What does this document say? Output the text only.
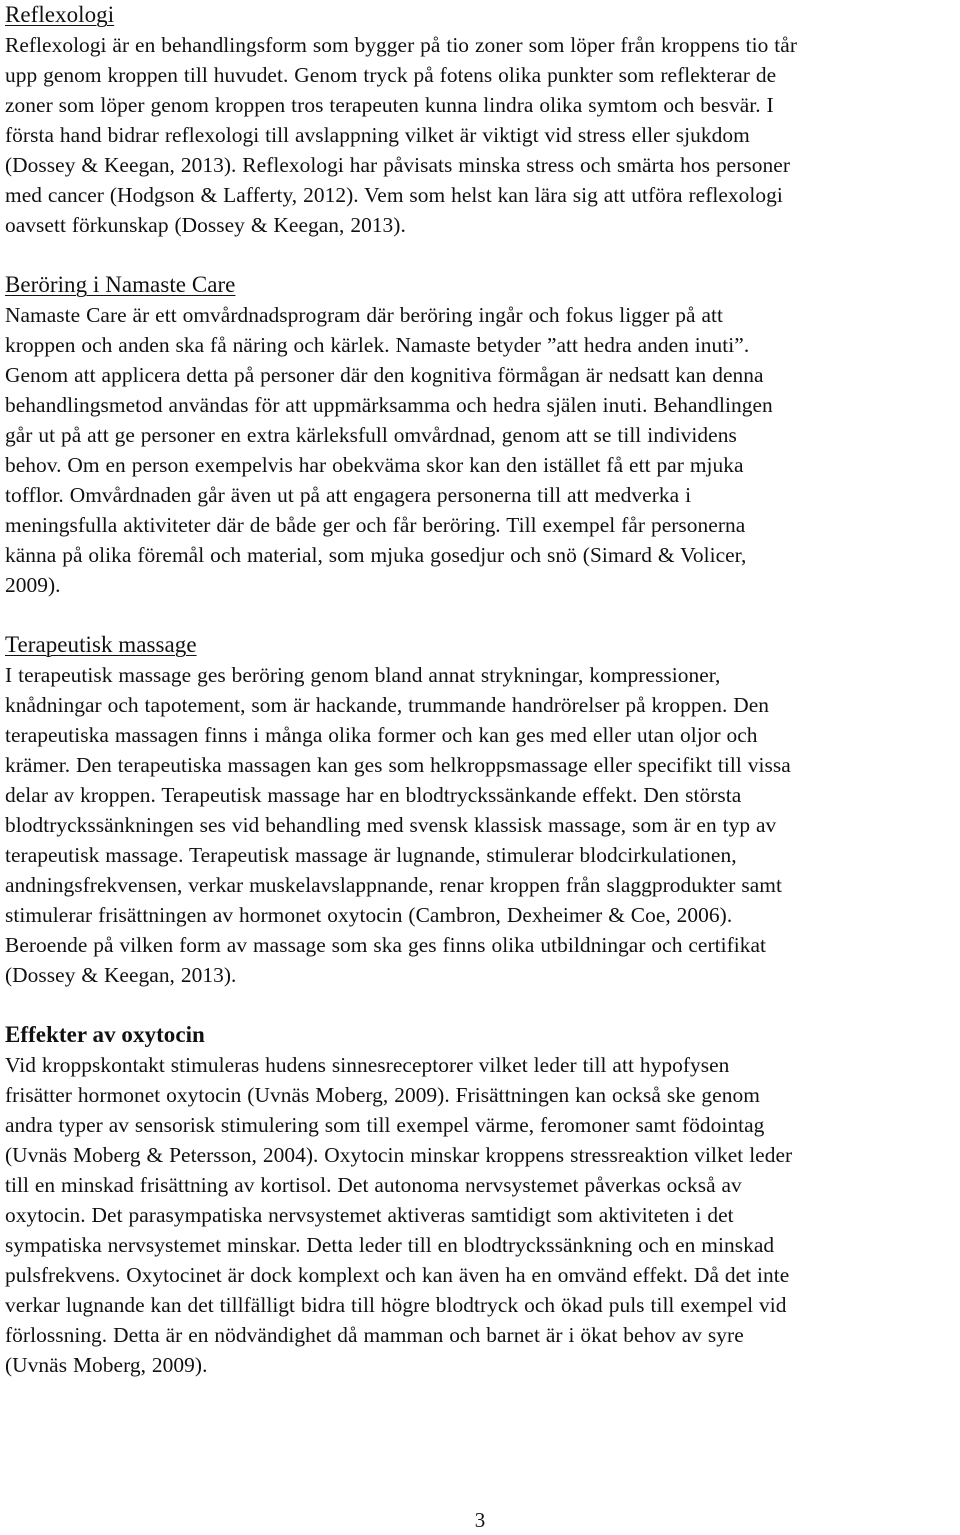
Reflexologi

Reflexologi är en behandlingsform som bygger på tio zoner som löper från kroppens tio tår

upp genom kroppen till huvudet. Genom tryck på fotens olika punkter som reflekterar de

zoner som löper genom kroppen tros terapeuten kunna lindra olika symtom och besvär. I

första hand bidrar reflexologi till avslappning vilket är viktigt vid stress eller sjukdom

(Dossey & Keegan, 2013). Reflexologi har påvisats minska stress och smärta hos personer

med cancer (Hodgson & Lafferty, 2012). Vem som helst kan lära sig att utföra reflexologi

oavsett förkunskap (Dossey & Keegan, 2013).

Beröring i Namaste Care

Namaste Care är ett omvårdnadsprogram där beröring ingår och fokus ligger på att

kroppen och anden ska få näring och kärlek. Namaste betyder ”att hedra anden inuti”.

Genom att applicera detta på personer där den kognitiva förmågan är nedsatt kan denna

behandlingsmetod användas för att uppmärksamma och hedra själen inuti. Behandlingen

går ut på att ge personer en extra kärleksfull omvårdnad, genom att se till individens

behov. Om en person exempelvis har obekväma skor kan den istället få ett par mjuka

tofflor. Omvårdnaden går även ut på att engagera personerna till att medverka i

meningsfulla aktiviteter där de både ger och får beröring. Till exempel får personerna

känna på olika föremål och material, som mjuka gosedjur och snö (Simard & Volicer,

2009).

Terapeutisk massage

I terapeutisk massage ges beröring genom bland annat strykningar, kompressioner,

knådningar och tapotement, som är hackande, trummande handrörelser på kroppen. Den

terapeutiska massagen finns i många olika former och kan ges med eller utan oljor och

krämer. Den terapeutiska massagen kan ges som helkroppsmassage eller specifikt till vissa

delar av kroppen. Terapeutisk massage har en blodtryckssänkande effekt. Den största

blodtryckssänkningen ses vid behandling med svensk klassisk massage, som är en typ av

terapeutisk massage. Terapeutisk massage är lugnande, stimulerar blodcirkulationen,

andningsfrekvensen, verkar muskelavslappnande, renar kroppen från slaggprodukter samt

stimulerar frisättningen av hormonet oxytocin (Cambron, Dexheimer & Coe, 2006).

Beroende på vilken form av massage som ska ges finns olika utbildningar och certifikat

(Dossey & Keegan, 2013).

Effekter av oxytocin

Vid kroppskontakt stimuleras hudens sinnesreceptorer vilket leder till att hypofysen

frisätter hormonet oxytocin (Uvnäs Moberg, 2009). Frisättningen kan också ske genom

andra typer av sensorisk stimulering som till exempel värme, feromoner samt födointag

(Uvnäs Moberg & Petersson, 2004). Oxytocin minskar kroppens stressreaktion vilket leder

till en minskad frisättning av kortisol. Det autonoma nervsystemet påverkas också av

oxytocin. Det parasympatiska nervsystemet aktiveras samtidigt som aktiviteten i det

sympatiska nervsystemet minskar. Detta leder till en blodtryckssänkning och en minskad

pulsfrekvens. Oxytocinet är dock komplext och kan även ha en omvänd effekt. Då det inte

verkar lugnande kan det tillfälligt bidra till högre blodtryck och ökad puls till exempel vid

förlossning. Detta är en nödvändighet då mamman och barnet är i ökat behov av syre

(Uvnäs Moberg, 2009).

3
